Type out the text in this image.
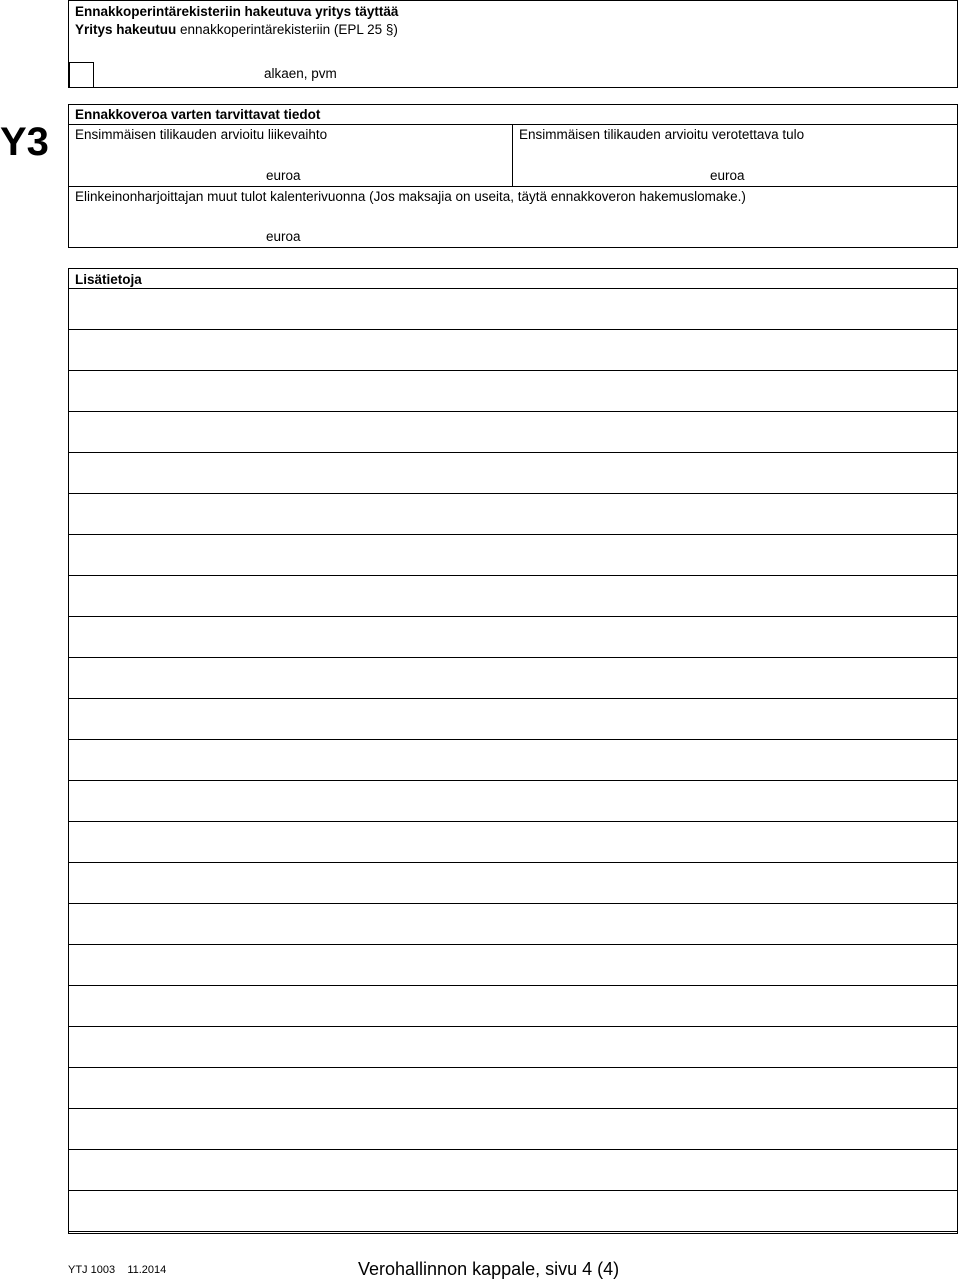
Ennakkoperintärekisteriin hakeutuva yritys täyttää
Yritys hakeutuu ennakkoperintärekisteriin (EPL 25 §)
alkaen, pvm
Y3
Ennakkoveroa varten tarvittavat tiedot
Ensimmäisen tilikauden arvioitu liikevaihto
euroa
Ensimmäisen tilikauden arvioitu verotettava tulo
euroa
Elinkeinonharjoittajan muut tulot kalenterivuonna (Jos maksajia on useita, täytä ennakkoveron hakemuslomake.)
euroa
Lisätietoja
YTJ 1003 11.2014	Verohallinnon kappale, sivu 4 (4)
